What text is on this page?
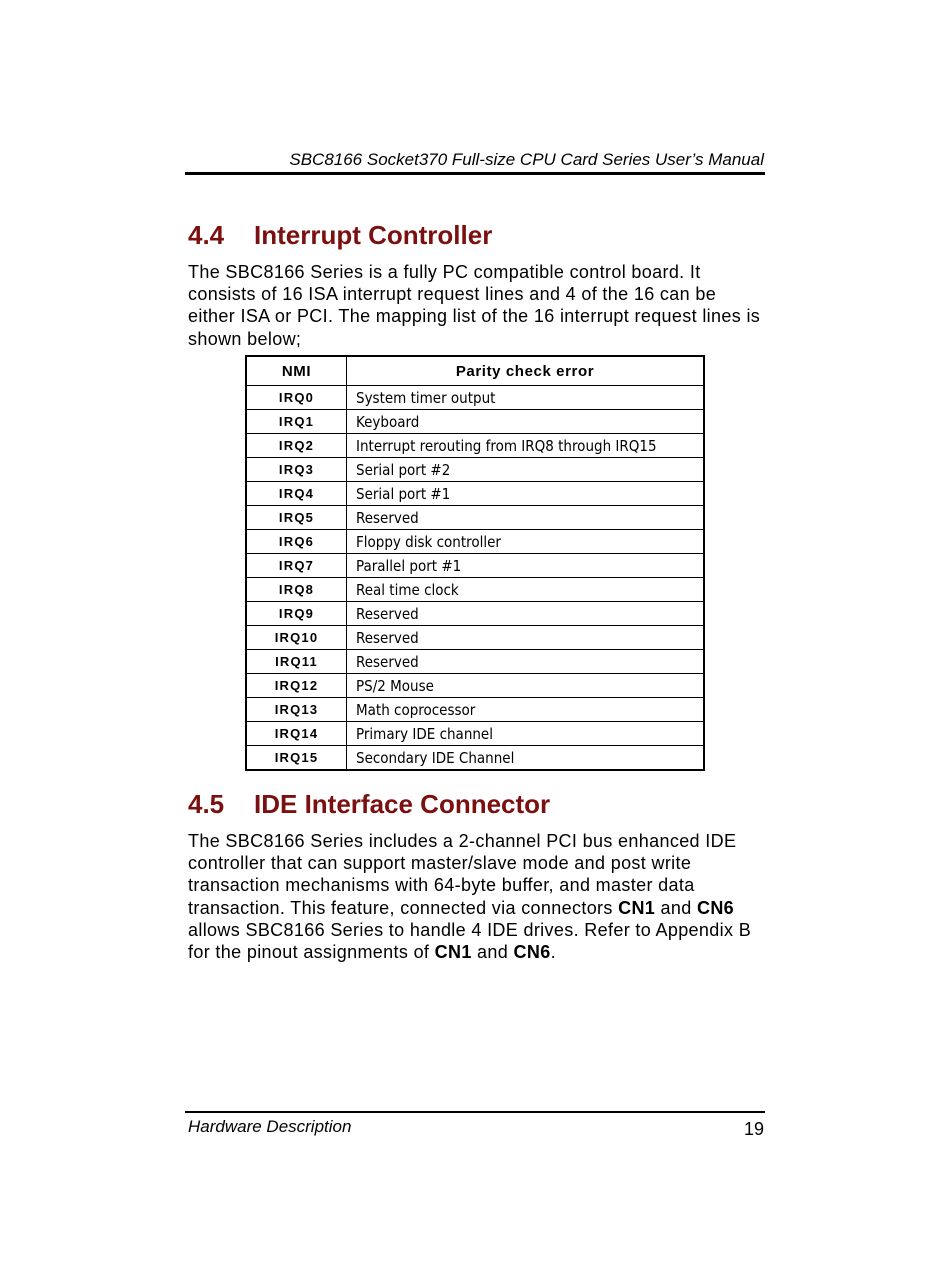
SBC8166 Socket370 Full-size CPU Card Series User’s Manual
4.4 Interrupt Controller

The SBC8166 Series is a fully PC compatible control board. It consists of 16 ISA interrupt request lines and 4 of the 16 can be either ISA or PCI. The mapping list of the 16 interrupt request lines is shown below;

NMI	Parity check error
IRQ0	System timer output
IRQ1	Keyboard
IRQ2	Interrupt rerouting from IRQ8 through IRQ15
IRQ3	Serial port #2
IRQ4	Serial port #1
IRQ5	Reserved
IRQ6	Floppy disk controller
IRQ7	Parallel port #1
IRQ8	Real time clock
IRQ9	Reserved
IRQ10	Reserved
IRQ11	Reserved
IRQ12	PS/2 Mouse
IRQ13	Math coprocessor
IRQ14	Primary IDE channel
IRQ15	Secondary IDE Channel
4.5 IDE Interface Connector

The SBC8166 Series includes a 2-channel PCI bus enhanced IDE controller that can support master/slave mode and post write transaction mechanisms with 64-byte buffer, and master data transaction. This feature, connected via connectors CN1 and CN6 allows SBC8166 Series to handle 4 IDE drives. Refer to Appendix B for the pinout assignments of CN1 and CN6.

Hardware Description	19
